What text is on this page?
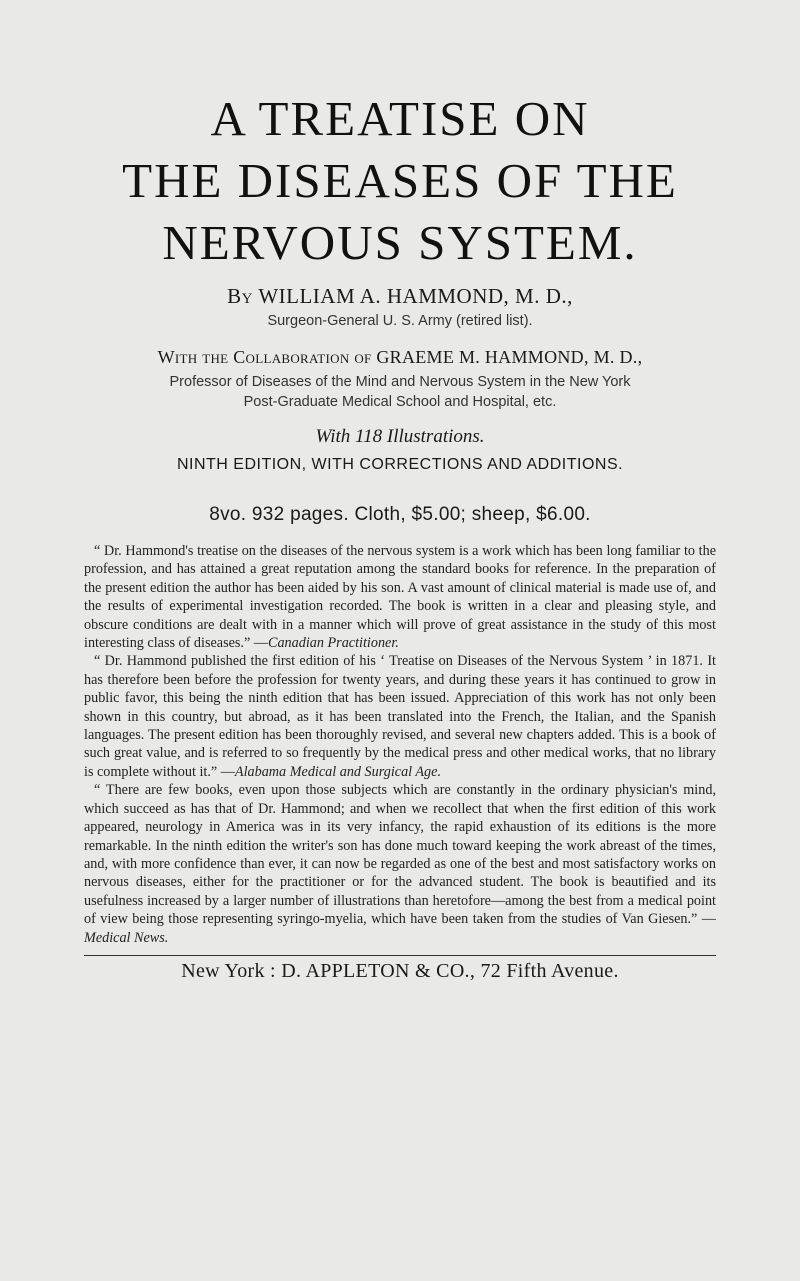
A TREATISE ON
THE DISEASES OF THE
NERVOUS SYSTEM.
By WILLIAM A. HAMMOND, M. D.,
Surgeon-General U. S. Army (retired list).
With the Collaboration of GRAEME M. HAMMOND, M. D.,
Professor of Diseases of the Mind and Nervous System in the New York
Post-Graduate Medical School and Hospital, etc.
With 118 Illustrations.
NINTH EDITION, WITH CORRECTIONS AND ADDITIONS.
8vo. 932 pages. Cloth, $5.00; sheep, $6.00.

“ Dr. Hammond's treatise on the diseases of the nervous system is a work which has been long familiar to the profession, and has attained a great reputation among the standard books for reference. In the preparation of the present edition the author has been aided by his son. A vast amount of clinical material is made use of, and the results of experimental investigation recorded. The book is written in a clear and pleasing style, and obscure conditions are dealt with in a manner which will prove of great assistance in the study of this most interesting class of diseases.” —Canadian Practitioner.

“ Dr. Hammond published the first edition of his ‘ Treatise on Diseases of the Nervous System ’ in 1871. It has therefore been before the profession for twenty years, and during these years it has continued to grow in public favor, this being the ninth edition that has been issued. Appreciation of this work has not only been shown in this country, but abroad, as it has been translated into the French, the Italian, and the Spanish languages. The present edition has been thoroughly revised, and several new chapters added. This is a book of such great value, and is referred to so frequently by the medical press and other medical works, that no library is complete without it.” —Alabama Medical and Surgical Age.

“ There are few books, even upon those subjects which are constantly in the ordinary physician's mind, which succeed as has that of Dr. Hammond; and when we recollect that when the first edition of this work appeared, neurology in America was in its very infancy, the rapid exhaustion of its editions is the more remarkable. In the ninth edition the writer's son has done much toward keeping the work abreast of the times, and, with more confidence than ever, it can now be regarded as one of the best and most satisfactory works on nervous diseases, either for the practitioner or for the advanced student. The book is beautified and its usefulness increased by a larger number of illustrations than heretofore—among the best from a medical point of view being those representing syringo-myelia, which have been taken from the studies of Van Giesen.” —Medical News.

New York : D. APPLETON & CO., 72 Fifth Avenue.
